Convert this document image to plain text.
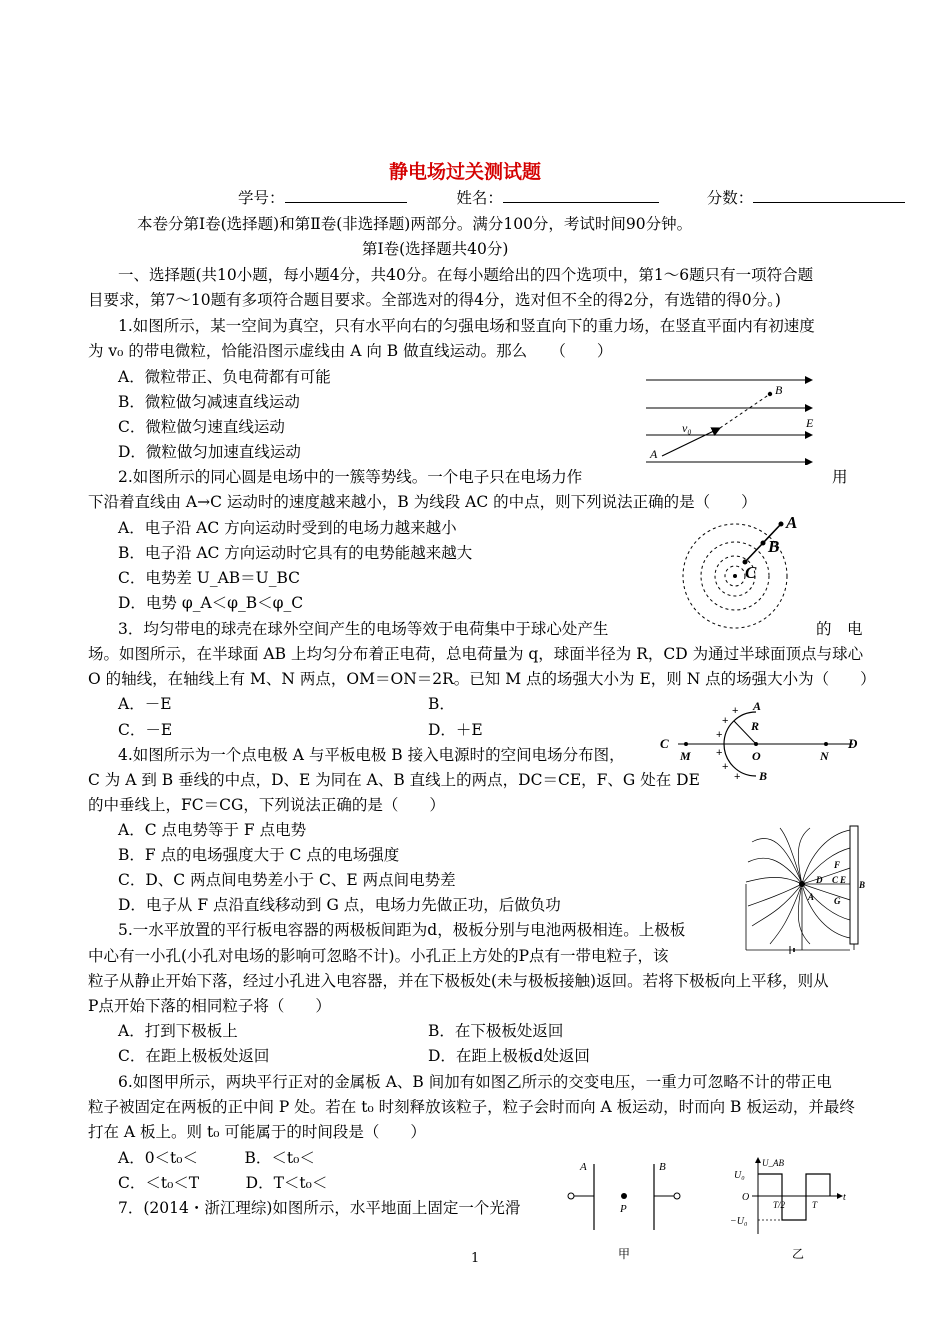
静电场过关测试题
学号：	姓名：	分数：
本卷分第Ⅰ卷(选择题)和第Ⅱ卷(非选择题)两部分。满分100分，考试时间90分钟。
第Ⅰ卷(选择题共40分)
一、选择题(共10小题，每小题4分，共40分。在每小题给出的四个选项中，第1～6题只有一项符合题
目要求，第7～10题有多项符合题目要求。全部选对的得4分，选对但不全的得2分，有选错的得0分。)
1.如图所示，某一空间为真空，只有水平向右的匀强电场和竖直向下的重力场，在竖直平面内有初速度
为 v₀ 的带电微粒，恰能沿图示虚线由 A 向 B 做直线运动。那么　　（　　）
A．微粒带正、负电荷都有可能
B．微粒做匀减速直线运动
C．微粒做匀速直线运动
D．微粒做匀加速直线运动
B
E
v₀
A
2.如图所示的同心圆是电场中的一簇等势线。一个电子只在电场力作	用
下沿着直线由 A→C 运动时的速度越来越小，B 为线段 AC 的中点，则下列说法正确的是（　　）
A．电子沿 AC 方向运动时受到的电场力越来越小
B．电子沿 AC 方向运动时它具有的电势能越来越大
C．电势差 U_AB＝U_BC
D．电势 φ_A＜φ_B＜φ_C
A
B
C
3．均匀带电的球壳在球外空间产生的电场等效于电荷集中于球心处产生	的　电
场。如图所示，在半球面 AB 上均匀分布着正电荷，总电荷量为 q，球面半径为 R，CD 为通过半球面顶点与球心
O 的轴线，在轴线上有 M、N 两点，OM＝ON＝2R。已知 M 点的场强大小为 E，则 N 点的场强大小为（　　）
A．－E	B．
C．－E	D．＋E
+
+
+
+
+
+
A
R
C
M	O	N
D
B
4.如图所示为一个点电极 A 与平板电极 B 接入电源时的空间电场分布图，
C 为 A 到 B 垂线的中点，D、E 为同在 A、B 直线上的两点，DC＝CE，F、G 处在 DE
的中垂线上，FC＝CG，下列说法正确的是（　　）
A．C 点电势等于 F 点电势
B．F 点的电场强度大于 C 点的电场强度
C．D、C 两点间电势差小于 C、E 两点间电势差
D．电子从 F 点沿直线移动到 G 点，电场力先做正功，后做负功
F
D C E
A G
B
5.一水平放置的平行板电容器的两极板间距为d，极板分别与电池两极相连。上极板
中心有一小孔(小孔对电场的影响可忽略不计)。小孔正上方处的P点有一带电粒子，该
粒子从静止开始下落，经过小孔进入电容器，并在下极板处(未与极板接触)返回。若将下极板向上平移，则从
P点开始下落的相同粒子将（　　）
A．打到下极板上	B．在下极板处返回
C．在距上极板处返回	D．在距上极板d处返回
6.如图甲所示，两块平行正对的金属板 A、B 间加有如图乙所示的交变电压，一重力可忽略不计的带正电
粒子被固定在两板的正中间 P 处。若在 t₀ 时刻释放该粒子，粒子会时而向 A 板运动，时而向 B 板运动，并最终
打在 A 板上。则 t₀ 可能属于的时间段是（　　）
A．0＜t₀＜　　　B．＜t₀＜
C．＜t₀＜T　　　D．T＜t₀＜
A	B
P
甲
U_AB
U₀
O
T/2	T
t
−U₀
乙
7．(2014・浙江理综)如图所示，水平地面上固定一个光滑
1
